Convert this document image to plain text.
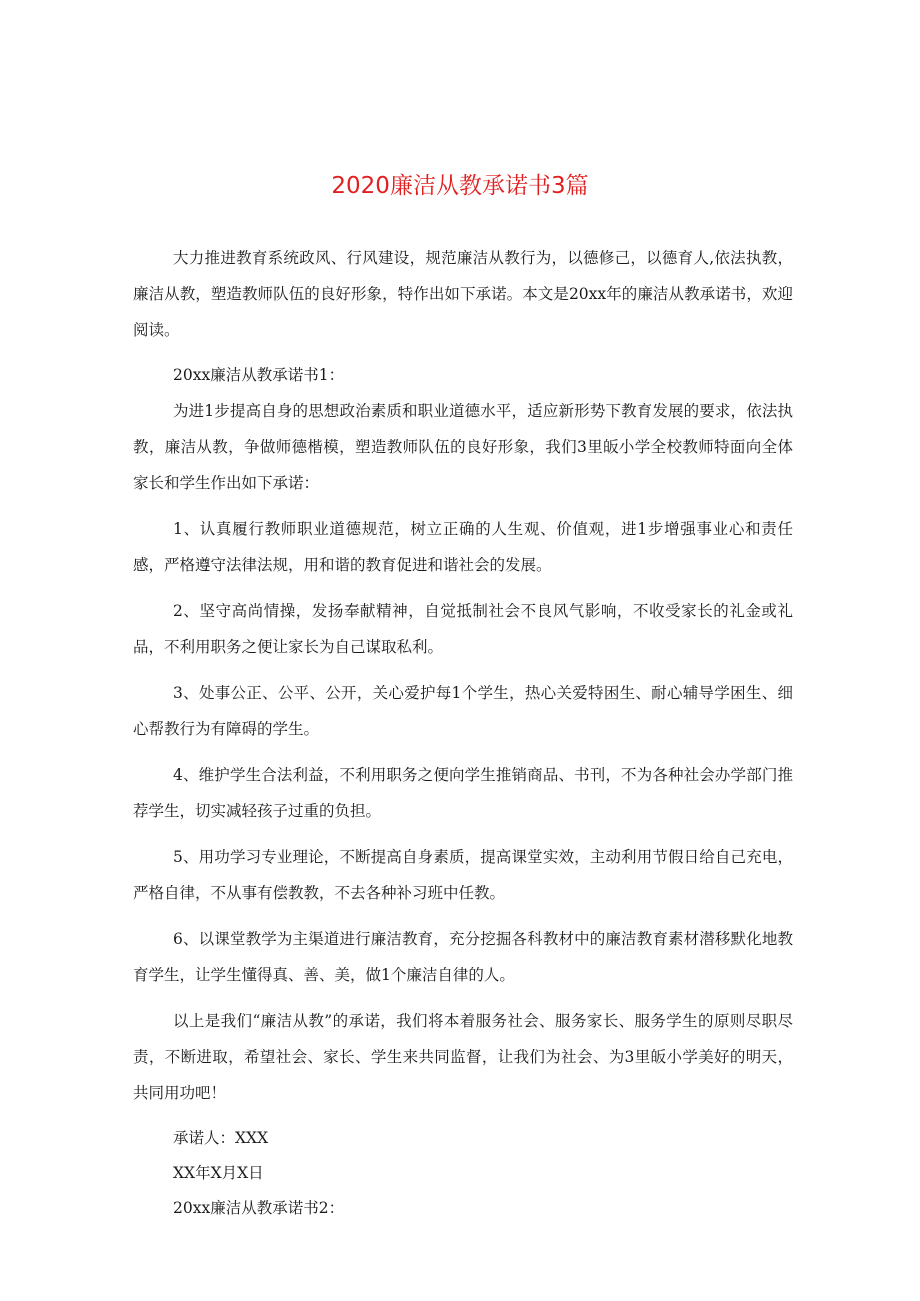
2020廉洁从教承诺书3篇

大力推进教育系统政风、行风建设，规范廉洁从教行为，以德修己，以德育人,依法执教，廉洁从教，塑造教师队伍的良好形象，特作出如下承诺。本文是20xx年的廉洁从教承诺书，欢迎阅读。

20xx廉洁从教承诺书1：

为进1步提高自身的思想政治素质和职业道德水平，适应新形势下教育发展的要求，依法执教，廉洁从教，争做师德楷模，塑造教师队伍的良好形象，我们3里皈小学全校教师特面向全体家长和学生作出如下承诺：

1、认真履行教师职业道德规范，树立正确的人生观、价值观，进1步增强事业心和责任感，严格遵守法律法规，用和谐的教育促进和谐社会的发展。

2、坚守高尚情操，发扬奉献精神，自觉抵制社会不良风气影响，不收受家长的礼金或礼品，不利用职务之便让家长为自己谋取私利。

3、处事公正、公平、公开，关心爱护每1个学生，热心关爱特困生、耐心辅导学困生、细心帮教行为有障碍的学生。

4、维护学生合法利益，不利用职务之便向学生推销商品、书刊，不为各种社会办学部门推荐学生，切实减轻孩子过重的负担。

5、用功学习专业理论，不断提高自身素质，提高课堂实效，主动利用节假日给自己充电，严格自律，不从事有偿教教，不去各种补习班中任教。

6、以课堂教学为主渠道进行廉洁教育，充分挖掘各科教材中的廉洁教育素材潜移默化地教育学生，让学生懂得真、善、美，做1个廉洁自律的人。

以上是我们“廉洁从教”的承诺，我们将本着服务社会、服务家长、服务学生的原则尽职尽责，不断进取，希望社会、家长、学生来共同监督，让我们为社会、为3里皈小学美好的明天，共同用功吧！

承诺人：XXX

XX年X月X日

20xx廉洁从教承诺书2：
